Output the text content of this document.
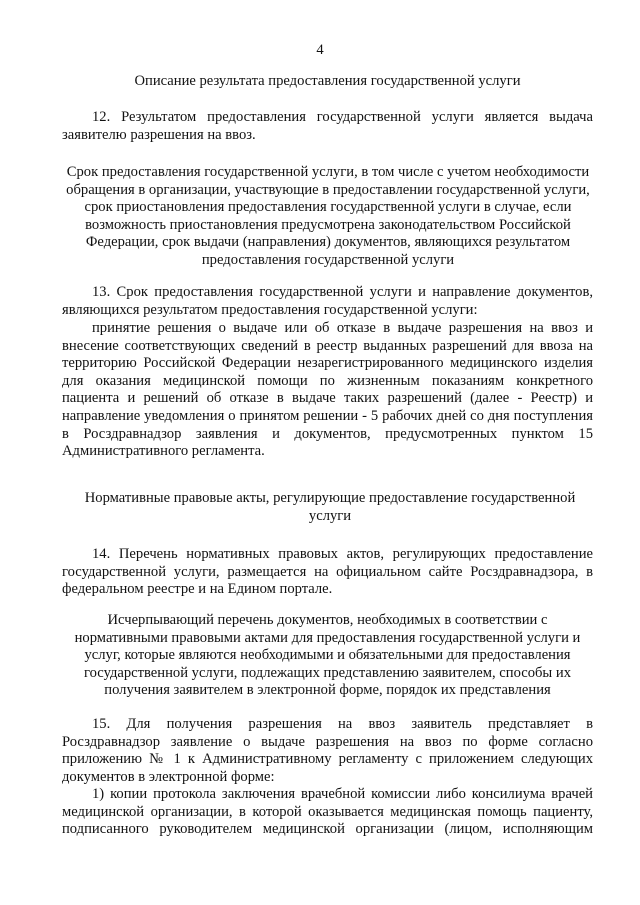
4

Описание результата предоставления государственной услуги

12. Результатом предоставления государственной услуги является выдача заявителю разрешения на ввоз.

Срок предоставления государственной услуги, в том числе с учетом необходимости обращения в организации, участвующие в предоставлении государственной услуги, срок приостановления предоставления государственной услуги в случае, если возможность приостановления предусмотрена законодательством Российской Федерации, срок выдачи (направления) документов, являющихся результатом предоставления государственной услуги

13. Срок предоставления государственной услуги и направление документов, являющихся результатом предоставления государственной услуги:

принятие решения о выдаче или об отказе в выдаче разрешения на ввоз и внесение соответствующих сведений в реестр выданных разрешений для ввоза на территорию Российской Федерации незарегистрированного медицинского изделия для оказания медицинской помощи по жизненным показаниям конкретного пациента и решений об отказе в выдаче таких разрешений (далее - Реестр) и направление уведомления о принятом решении - 5 рабочих дней со дня поступления в Росздравнадзор заявления и документов, предусмотренных пунктом 15 Административного регламента.

Нормативные правовые акты, регулирующие предоставление государственной услуги

14. Перечень нормативных правовых актов, регулирующих предоставление государственной услуги, размещается на официальном сайте Росздравнадзора, в федеральном реестре и на Едином портале.

Исчерпывающий перечень документов, необходимых в соответствии с нормативными правовыми актами для предоставления государственной услуги и услуг, которые являются необходимыми и обязательными для предоставления государственной услуги, подлежащих представлению заявителем, способы их получения заявителем в электронной форме, порядок их представления

15. Для получения разрешения на ввоз заявитель представляет в Росздравнадзор заявление о выдаче разрешения на ввоз по форме согласно приложению № 1 к Административному регламенту с приложением следующих документов в электронной форме:

1) копии протокола заключения врачебной комиссии либо консилиума врачей медицинской организации, в которой оказывается медицинская помощь пациенту, подписанного руководителем медицинской организации (лицом, исполняющим
